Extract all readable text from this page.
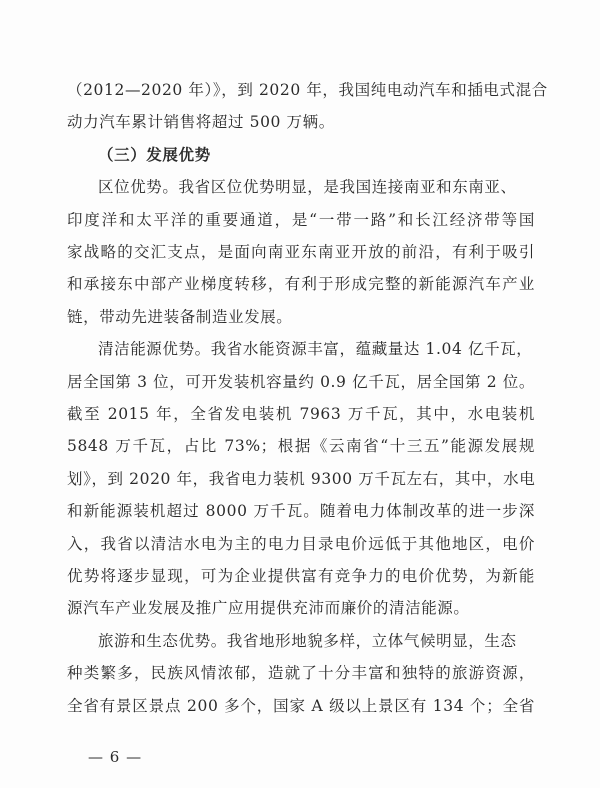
（2012—2020 年）》，到 2020 年，我国纯电动汽车和插电式混合
动力汽车累计销售将超过 500 万辆。
（三）发展优势
区位优势。我省区位优势明显，是我国连接南亚和东南亚、
印度洋和太平洋的重要通道，是“一带一路”和长江经济带等国
家战略的交汇支点，是面向南亚东南亚开放的前沿，有利于吸引
和承接东中部产业梯度转移，有利于形成完整的新能源汽车产业
链，带动先进装备制造业发展。
清洁能源优势。我省水能资源丰富，蕴藏量达 1.04 亿千瓦，
居全国第 3 位，可开发装机容量约 0.9 亿千瓦，居全国第 2 位。
截至 2015 年，全省发电装机 7963 万千瓦，其中，水电装机
5848 万千瓦，占比 73%；根据《云南省“十三五”能源发展规
划》，到 2020 年，我省电力装机 9300 万千瓦左右，其中，水电
和新能源装机超过 8000 万千瓦。随着电力体制改革的进一步深
入，我省以清洁水电为主的电力目录电价远低于其他地区，电价
优势将逐步显现，可为企业提供富有竞争力的电价优势，为新能
源汽车产业发展及推广应用提供充沛而廉价的清洁能源。
旅游和生态优势。我省地形地貌多样，立体气候明显，生态
种类繁多，民族风情浓郁，造就了十分丰富和独特的旅游资源，
全省有景区景点 200 多个，国家 A 级以上景区有 134 个；全省
— 6 —
